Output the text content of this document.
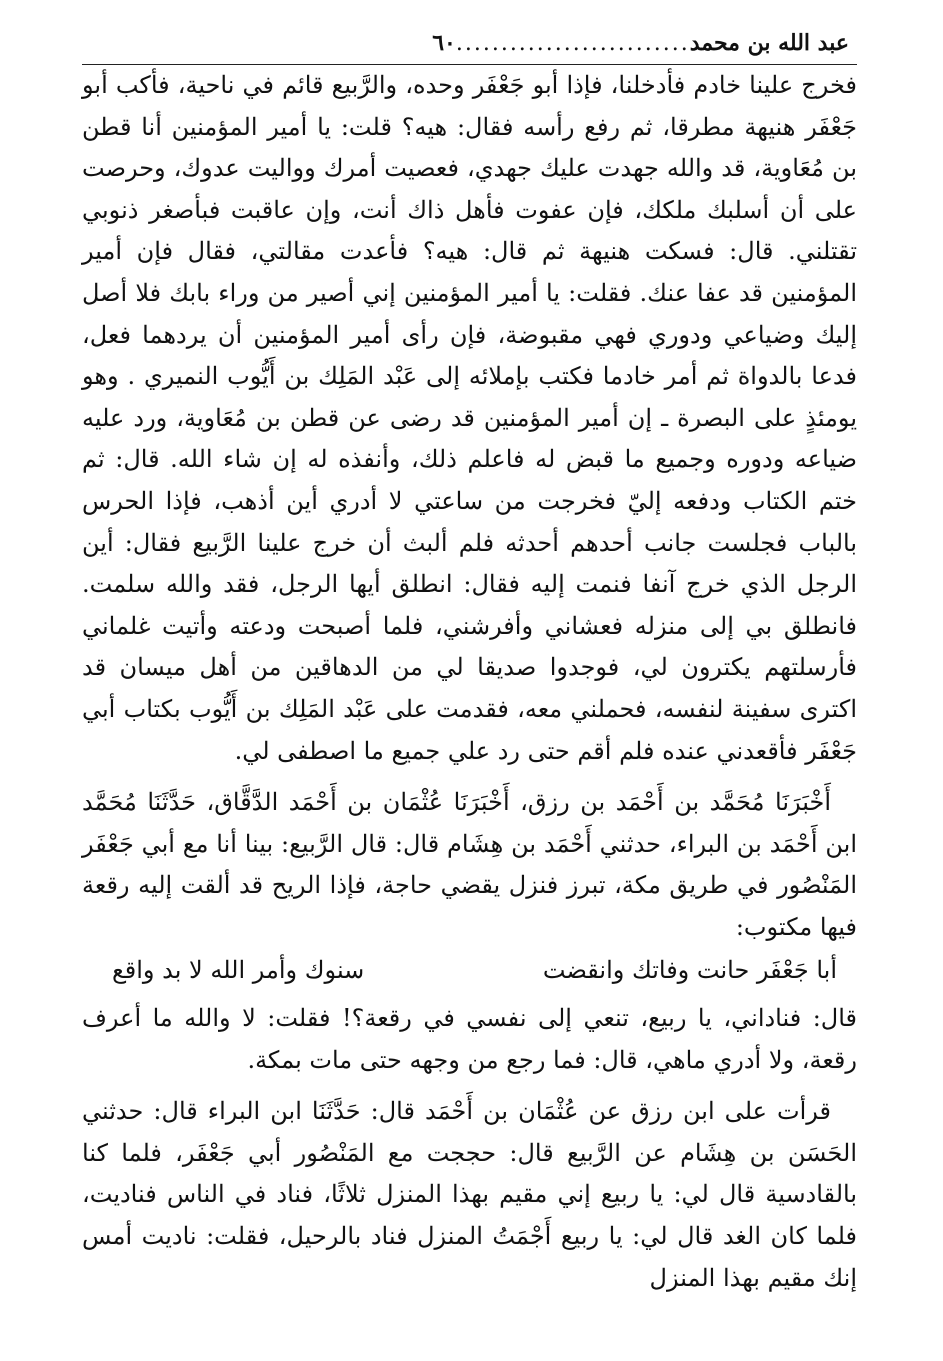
عبد الله بن محمد
..........................
٦٠

فخرج علينا خادم فأدخلنا، فإذا أبو جَعْفَر وحده، والرَّبيع قائم في ناحية، فأكب أبو جَعْفَر هنيهة مطرقا، ثم رفع رأسه فقال: هيه؟ قلت: يا أمير المؤمنين أنا قطن بن مُعَاوية، قد والله جهدت عليك جهدي، فعصيت أمرك وواليت عدوك، وحرصت على أن أسلبك ملكك، فإن عفوت فأهل ذاك أنت، وإن عاقبت فبأصغر ذنوبي تقتلني. قال: فسكت هنيهة ثم قال: هيه؟ فأعدت مقالتي، فقال فإن أمير المؤمنين قد عفا عنك. فقلت: يا أمير المؤمنين إني أصير من وراء بابك فلا أصل إليك وضياعي ودوري فهي مقبوضة، فإن رأى أمير المؤمنين أن يردهما فعل، فدعا بالدواة ثم أمر خادما فكتب بإملائه إلى عَبْد المَلِك بن أَيُّوب النميري . وهو يومئذٍ على البصرة ـ إن أمير المؤمنين قد رضى عن قطن بن مُعَاوية، ورد عليه ضياعه ودوره وجميع ما قبض له فاعلم ذلك، وأنفذه له إن شاء الله. قال: ثم ختم الكتاب ودفعه إليّ فخرجت من ساعتي لا أدري أين أذهب، فإذا الحرس بالباب فجلست جانب أحدهم أحدثه فلم ألبث أن خرج علينا الرَّبيع فقال: أين الرجل الذي خرج آنفا فنمت إليه فقال: انطلق أيها الرجل، فقد والله سلمت. فانطلق بي إلى منزله فعشاني وأفرشني، فلما أصبحت ودعته وأتيت غلماني فأرسلتهم يكترون لي، فوجدوا صديقا لي من الدهاقين من أهل ميسان قد اكترى سفينة لنفسه، فحملني معه، فقدمت على عَبْد المَلِك بن أَيُّوب بكتاب أبي جَعْفَر فأقعدني عنده فلم أقم حتى رد علي جميع ما اصطفى لي.

أَخْبَرَنَا مُحَمَّد بن أَحْمَد بن رزق، أَخْبَرَنَا عُثْمَان بن أَحْمَد الدَّقَّاق، حَدَّثَنَا مُحَمَّد ابن أَحْمَد بن البراء، حدثني أَحْمَد بن هِشَام قال: قال الرَّبيع: بينا أنا مع أبي جَعْفَر المَنْصُور في طريق مكة، تبرز فنزل يقضي حاجة، فإذا الريح قد ألقت إليه رقعة فيها مكتوب:

أبا جَعْفَر حانت وفاتك وانقضت
سنوك وأمر الله لا بد واقع

قال: فناداني، يا ربيع، تنعي إلى نفسي في رقعة؟! فقلت: لا والله ما أعرف رقعة، ولا أدري ماهي، قال: فما رجع من وجهه حتى مات بمكة.

قرأت على ابن رزق عن عُثْمَان بن أَحْمَد قال: حَدَّثَنَا ابن البراء قال: حدثني الحَسَن بن هِشَام عن الرَّبيع قال: حججت مع المَنْصُور أبي جَعْفَر، فلما كنا بالقادسية قال لي: يا ربيع إني مقيم بهذا المنزل ثلاثًا، فناد في الناس فناديت، فلما كان الغد قال لي: يا ربيع أَجْمَتُ المنزل فناد بالرحيل، فقلت: ناديت أمس إنك مقيم بهذا المنزل
